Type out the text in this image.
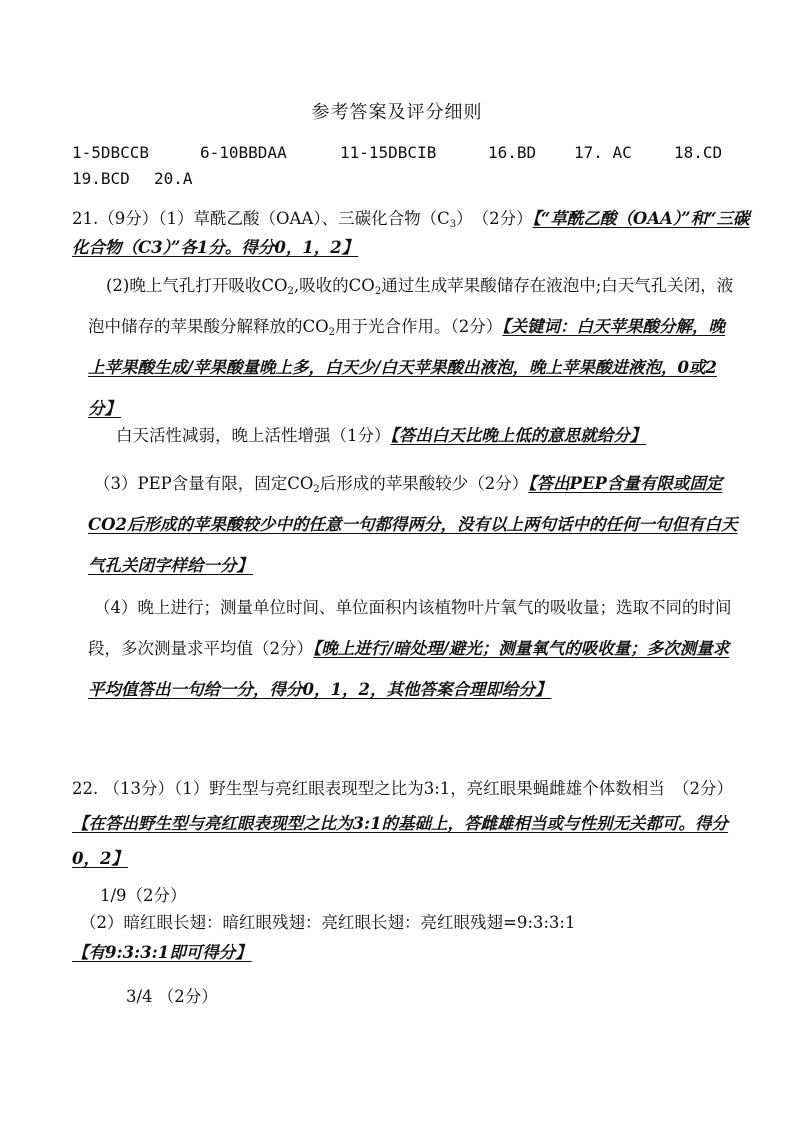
参考答案及评分细则
1-5DBCCB	6-10BBDAA	11-15DBCIB	16.BD	17. AC	18.CD
19.BCD	20.A
21.（9分）（1）草酰乙酸（OAA）、三碳化合物$(C_3)$　（2分）【“草酰乙酸（OAA）”和“三碳化合物（C3）”各1分。得分0，1，2】
(2)晚上气孔打开吸收$CO_2$,吸收的$CO_2$通过生成苹果酸储存在液泡中;白天气孔关闭，液泡中储存的苹果酸分解释放的$CO_2$用于光合作用。（2分）【关键词：白天苹果酸分解，晚上苹果酸生成/苹果酸量晚上多，白天少/白天苹果酸出液泡，晚上苹果酸进液泡，0或2分】
白天活性减弱，晚上活性增强（1分）【答出白天比晚上低的意思就给分】
（3）PEP含量有限，固定$CO_2$后形成的苹果酸较少（2分）【答出PEP含量有限或固定CO2后形成的苹果酸较少中的任意一句都得两分，没有以上两句话中的任何一句但有白天气孔关闭字样给一分】
（4）晚上进行；测量单位时间、单位面积内该植物叶片氧气的吸收量；选取不同的时间段，多次测量求平均值（2分）【晚上进行/暗处理/避光；测量氧气的吸收量；多次测量求平均值答出一句给一分，得分0，1，2，其他答案合理即给分】
22. （13分）（1）野生型与亮红眼表现型之比为3:1，亮红眼果蝇雌雄个体数相当　（2分）【在答出野生型与亮红眼表现型之比为3:1的基础上，答雌雄相当或与性别无关都可。得分0，2】
1/9（2分）
（2）暗红眼长翅：暗红眼残翅：亮红眼长翅：亮红眼残翅=9:3:3:1　【有9:3:3:1即可得分】
3/4 （2分）
